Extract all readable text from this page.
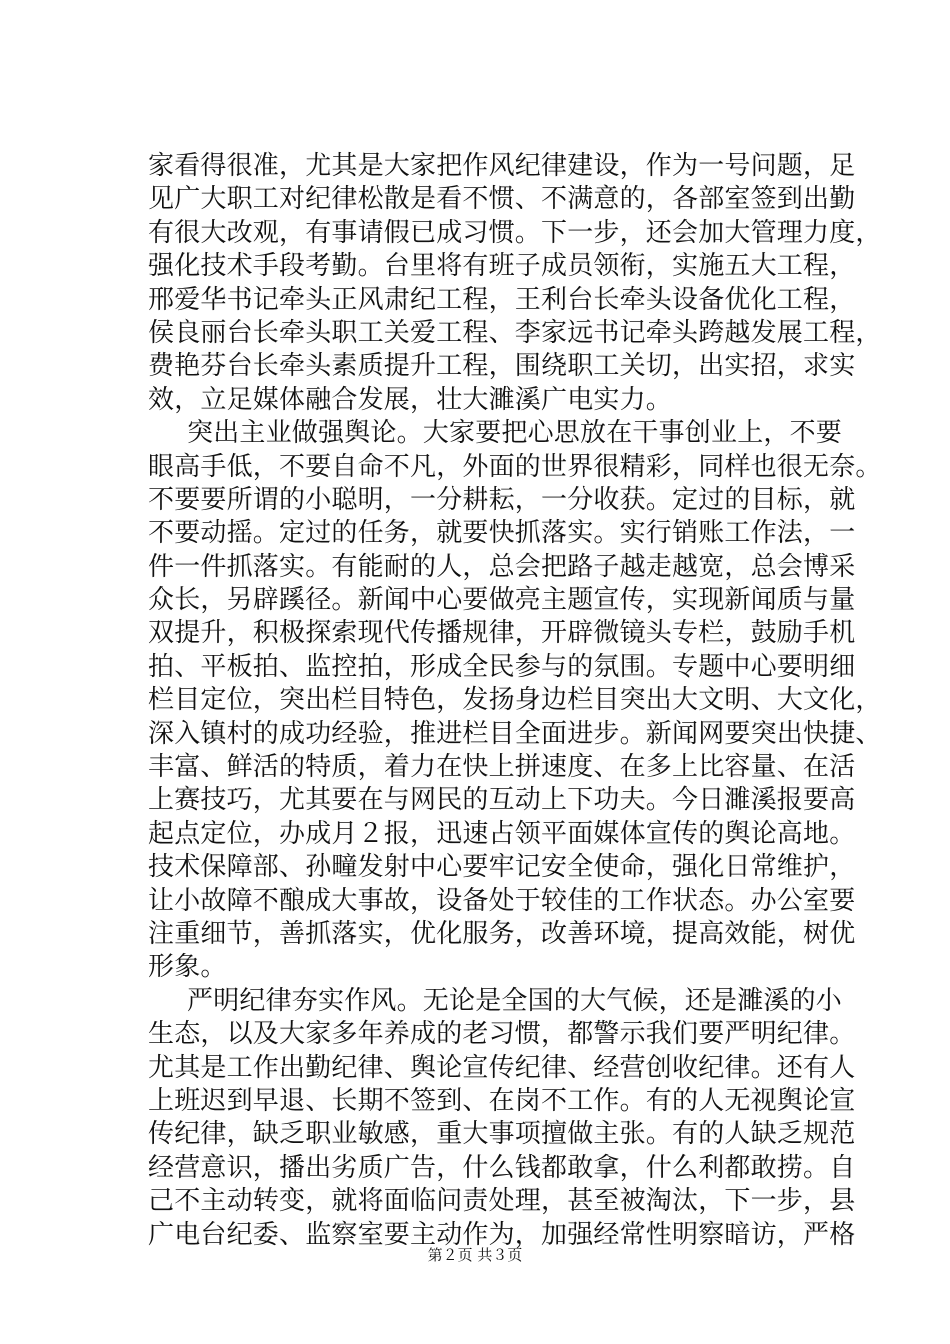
家看得很准，尤其是大家把作风纪律建设，作为一号问题，足
见广大职工对纪律松散是看不惯、不满意的，各部室签到出勤
有很大改观，有事请假已成习惯。下一步，还会加大管理力度，
强化技术手段考勤。台里将有班子成员领衔，实施五大工程，
邢爱华书记牵头正风肃纪工程，王利台长牵头设备优化工程，
侯良丽台长牵头职工关爱工程、李家远书记牵头跨越发展工程，
费艳芬台长牵头素质提升工程，围绕职工关切，出实招，求实
效，立足媒体融合发展，壮大濉溪广电实力。
突出主业做强舆论。大家要把心思放在干事创业上，不要
眼高手低，不要自命不凡，外面的世界很精彩，同样也很无奈。
不要要所谓的小聪明，一分耕耘，一分收获。定过的目标，就
不要动摇。定过的任务，就要快抓落实。实行销账工作法，一
件一件抓落实。有能耐的人，总会把路子越走越宽，总会博采
众长，另辟蹊径。新闻中心要做亮主题宣传，实现新闻质与量
双提升，积极探索现代传播规律，开辟微镜头专栏，鼓励手机
拍、平板拍、监控拍，形成全民参与的氛围。专题中心要明细
栏目定位，突出栏目特色，发扬身边栏目突出大文明、大文化，
深入镇村的成功经验，推进栏目全面进步。新闻网要突出快捷、
丰富、鲜活的特质，着力在快上拼速度、在多上比容量、在活
上赛技巧，尤其要在与网民的互动上下功夫。今日濉溪报要高
起点定位，办成月２报，迅速占领平面媒体宣传的舆论高地。
技术保障部、孙疃发射中心要牢记安全使命，强化日常维护，
让小故障不酿成大事故，设备处于较佳的工作状态。办公室要
注重细节，善抓落实，优化服务，改善环境，提高效能，树优
形象。
严明纪律夯实作风。无论是全国的大气候，还是濉溪的小
生态，以及大家多年养成的老习惯，都警示我们要严明纪律。
尤其是工作出勤纪律、舆论宣传纪律、经营创收纪律。还有人
上班迟到早退、长期不签到、在岗不工作。有的人无视舆论宣
传纪律，缺乏职业敏感，重大事项擅做主张。有的人缺乏规范
经营意识，播出劣质广告，什么钱都敢拿，什么利都敢捞。自
己不主动转变，就将面临问责处理，甚至被淘汰，下一步，县
广电台纪委、监察室要主动作为，加强经常性明察暗访，严格
第２页 共３页
